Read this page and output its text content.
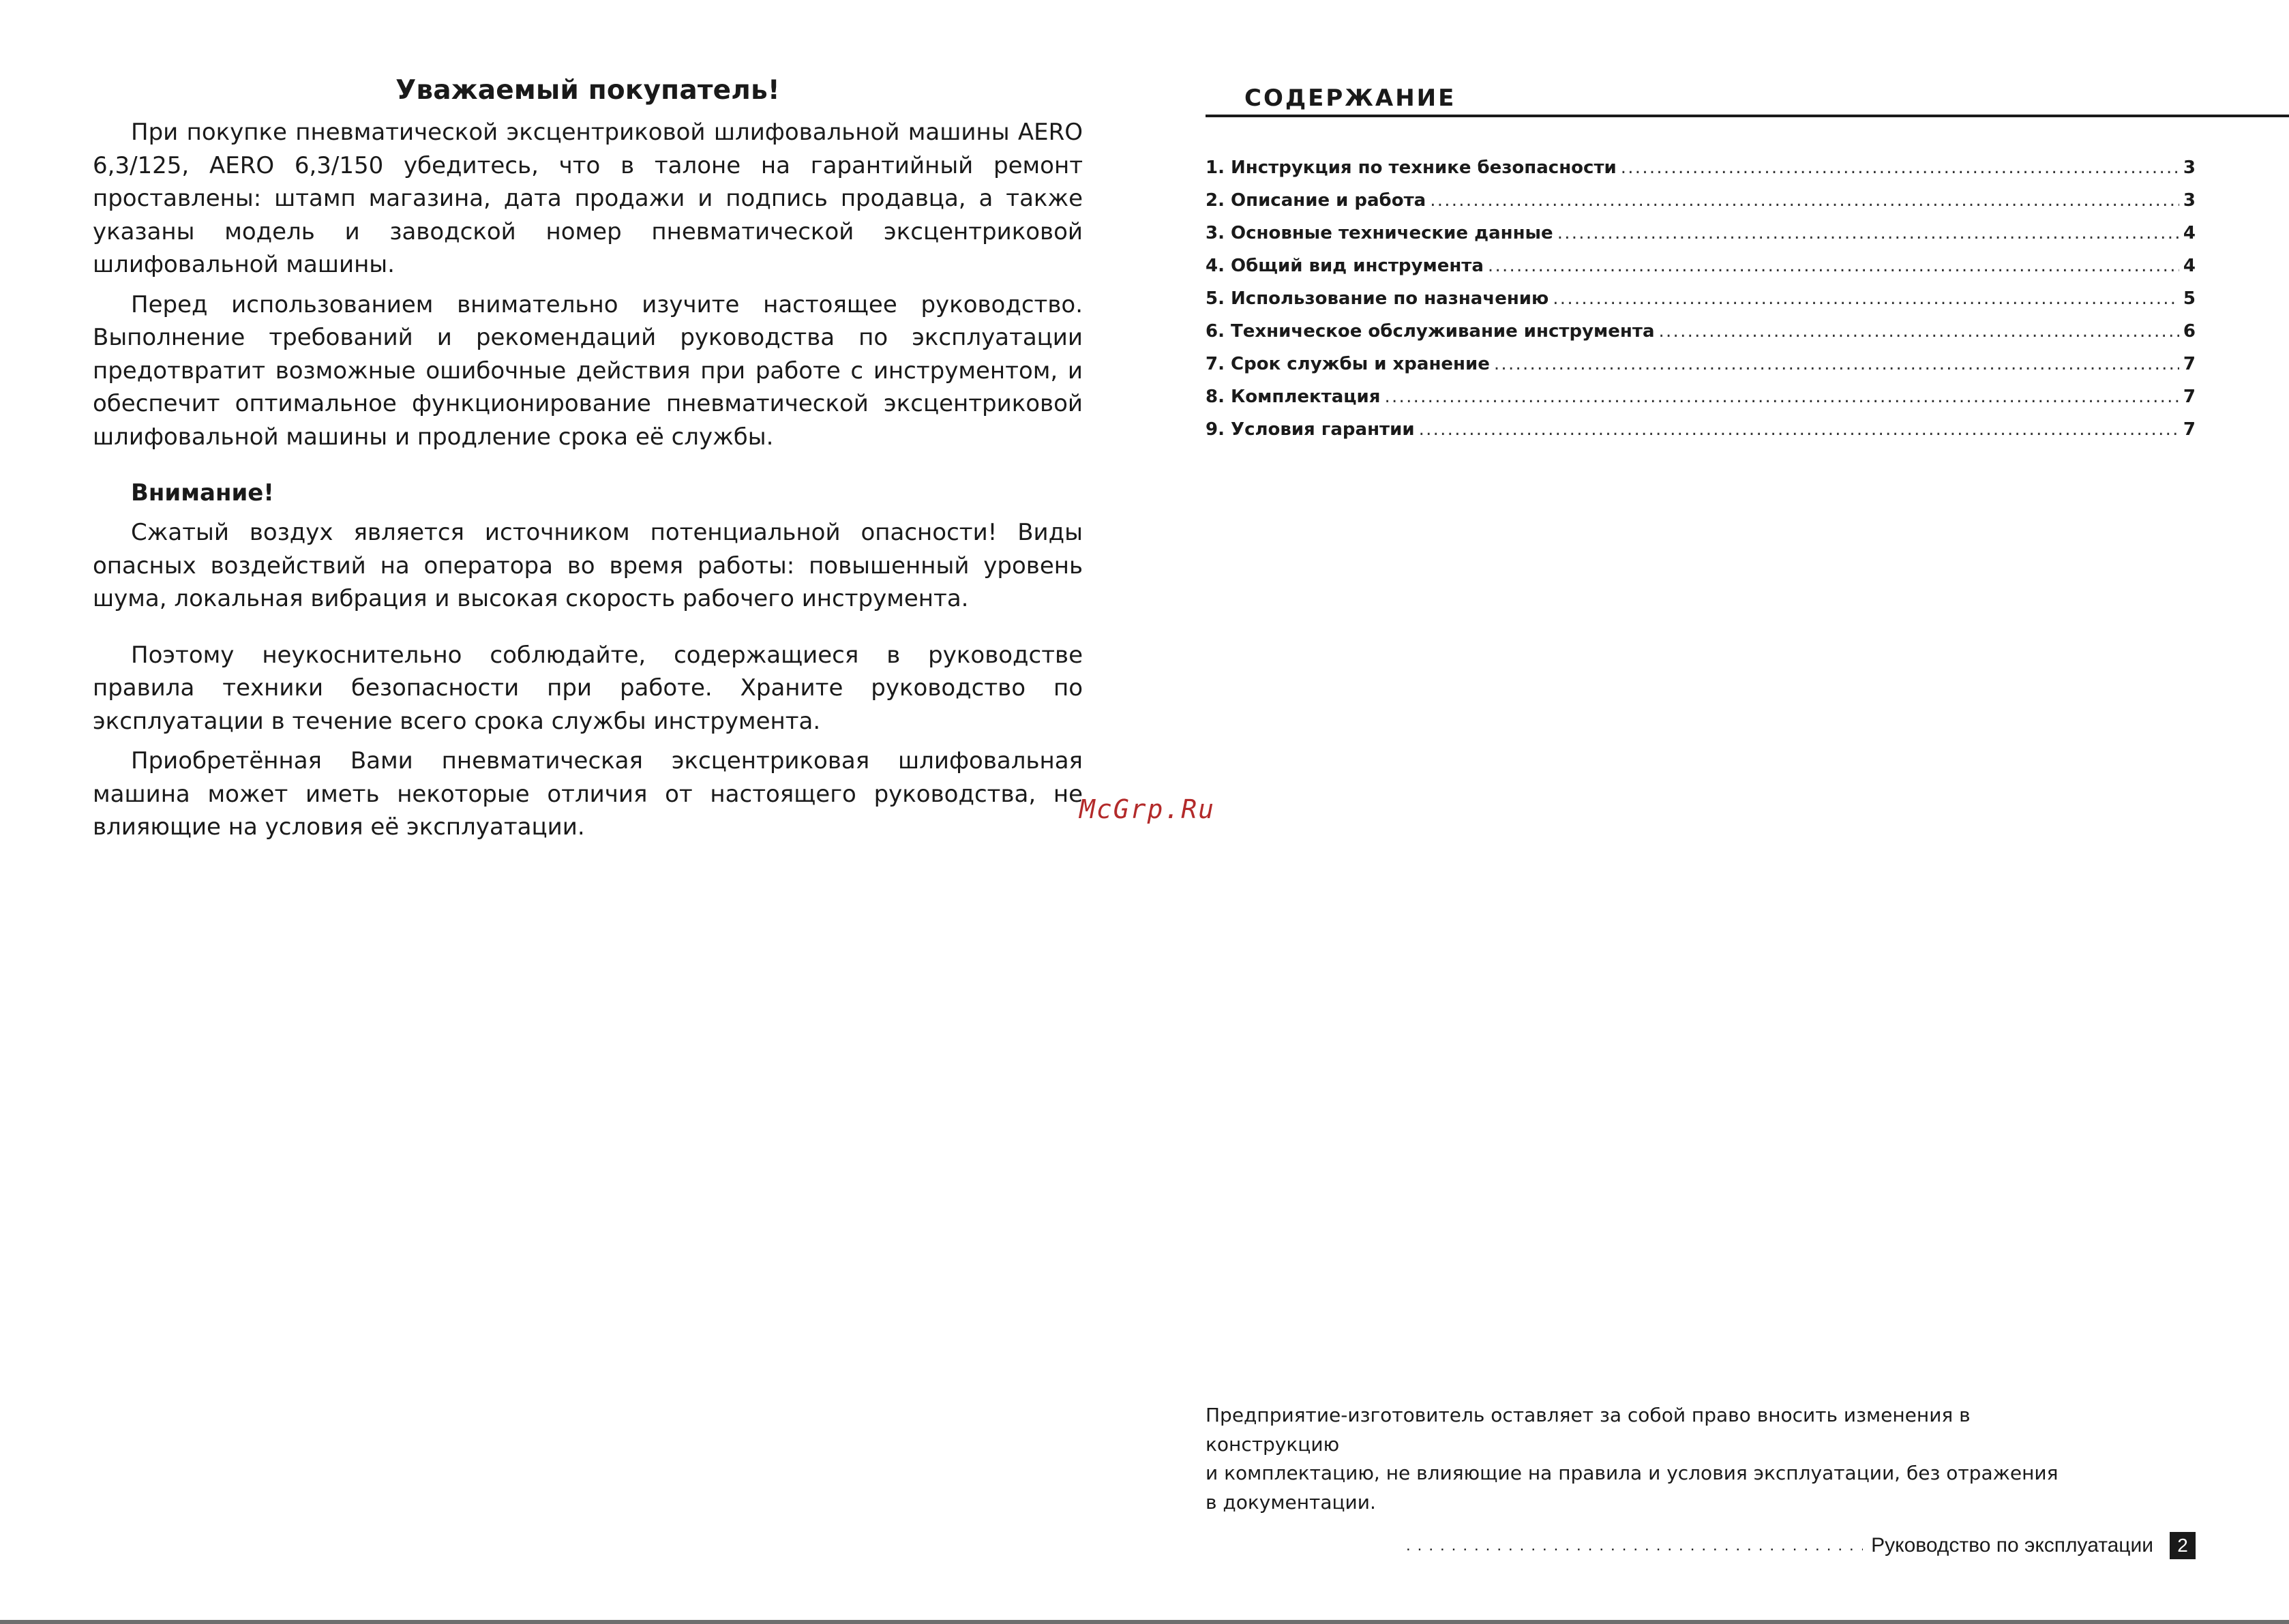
Уважаемый покупатель!

При покупке пневматической эксцентриковой шлифовальной машины AERO 6,3/125, AERO 6,3/150 убедитесь, что в талоне на гарантийный ремонт проставлены: штамп магазина, дата продажи и подпись продавца, а также указаны модель и заводской номер пневматической эксцентриковой шлифовальной машины.

Перед использованием внимательно изучите настоящее руководство. Выполнение требований и рекомендаций руководства по эксплуатации предотвратит возможные ошибочные действия при работе с инструментом, и обеспечит оптимальное функционирование пневматической эксцентриковой шлифовальной машины и продление срока её службы.

Внимание!

Сжатый воздух является источником потенциальной опасности! Виды опасных воздействий на оператора во время работы: повышенный уровень шума, локальная вибрация и высокая скорость рабочего инструмента.

Поэтому неукоснительно соблюдайте, содержащиеся в руководстве правила техники безопасности при работе. Храните руководство по эксплуатации в течение всего срока службы инструмента.

Приобретённая Вами пневматическая эксцентриковая шлифовальная машина может иметь некоторые отличия от настоящего руководства, не влияющие на условия её эксплуатации.

СОДЕРЖАНИЕ
1. Инструкция по технике безопасности . . .	3
2. Описание и работа . . .	3
3. Основные технические данные . . .	4
4. Общий вид инструмента . . .	4
5. Использование по назначению . . .	5
6. Техническое обслуживание инструмента . . .	6
7. Срок службы и хранение . . .	7
8. Комплектация . . .	7
9. Условия гарантии . . .	7
McGrp.Ru
Предприятие-изготовитель оставляет за собой право вносить изменения в конструкцию
и комплектацию, не влияющие на правила и условия эксплуатации, без отражения
в документации.
.....
Руководство по эксплуатации	2
